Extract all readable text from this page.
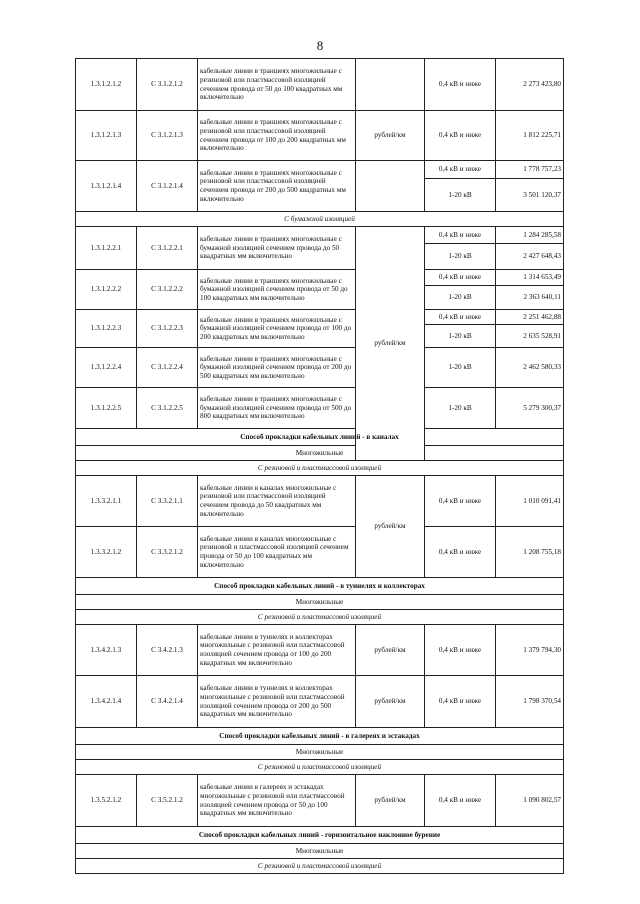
8
1.3.1.2.1.2	С 3.1.2.1.2	кабельные линии в траншеях многожильные с резиновой или пластмассовой изоляцией сечением провода от 50 до 100 квадратных мм включительно		0,4 кВ и ниже	2 273 423,80
1.3.1.2.1.3	С 3.1.2.1.3	кабельные линии в траншеях многожильные с резиновой или пластмассовой изоляцией сечением провода от 100 до 200 квадратных мм включительно	рублей/км	0,4 кВ и ниже	1 812 225,71
1.3.1.2.1.4	С 3.1.2.1.4	кабельные линии в траншеях многожильные с резиновой или пластмассовой изоляцией сечением провода от 200 до 500 квадратных мм включительно		0,4 кВ и ниже	1 778 757,23
				1-20 кВ	3 501 120,37
С бумажной изоляцией					
1.3.1.2.2.1	С 3.1.2.2.1	кабельные линии в траншеях многожильные с бумажной изоляцией сечением провода до 50 квадратных мм включительно	рублей/км	0,4 кВ и ниже	1 284 285,58
				1-20 кВ	2 427 648,43
1.3.1.2.2.2	С 3.1.2.2.2	кабельные линии в траншеях многожильные с бумажной изоляцией сечением провода от 50 до 100 квадратных мм включительно		0,4 кВ и ниже	1 314 653,49
				1-20 кВ	2 363 640,11
1.3.1.2.2.3	С 3.1.2.2.3	кабельные линии в траншеях многожильные с бумажной изоляцией сечением провода от 100 до 200 квадратных мм включительно		0,4 кВ и ниже	2 251 462,88
				1-20 кВ	2 635 528,91
1.3.1.2.2.4	С 3.1.2.2.4	кабельные линии в траншеях многожильные с бумажной изоляцией сечением провода от 200 до 500 квадратных мм включительно		1-20 кВ	2 462 580,33
1.3.1.2.2.5	С 3.1.2.2.5	кабельные линии в траншеях многожильные с бумажной изоляцией сечением провода от 500 до 800 квадратных мм включительно		1-20 кВ	5 279 300,37
Способ прокладки кабельных линий - в каналах					
Многожильные					
С резиновой и пластмассовой изоляцией					
1.3.3.2.1.1	С 3.3.2.1.1	кабельные линии в каналах многожильные с резиновой или пластмассовой изоляцией сечением провода до 50 квадратных мм включительно	рублей/км	0,4 кВ и ниже	1 010 091,41
1.3.3.2.1.2	С 3.3.2.1.2	кабельные линии в каналах многожильные с резиновой и пластмассовой изоляцией сечением провода от 50 до 100 квадратных мм включительно		0,4 кВ и ниже	1 208 755,18
Способ прокладки кабельных линий - в туннелях и коллекторах					
Многожильные					
С резиновой и пластмассовой изоляцией					
1.3.4.2.1.3	С 3.4.2.1.3	кабельные линии в туннелях и коллекторах многожильные с резиновой или пластмассовой изоляцией сечением провода от 100 до 200 квадратных мм включительно	рублей/км	0,4 кВ и ниже	1 379 794,30
1.3.4.2.1.4	С 3.4.2.1.4	кабельные линии в туннелях и коллекторах многожильные с резиновой или пластмассовой изоляцией сечением провода от 200 до 500 квадратных мм включительно	рублей/км	0,4 кВ и ниже	1 798 370,54
Способ прокладки кабельных линий - в галереях и эстакадах					
Многожильные					
С резиновой и пластмассовой изоляцией					
1.3.5.2.1.2	С 3.5.2.1.2	кабельные линии в галереях и эстакадах многожильные с резиновой или пластмассовой изоляцией сечением провода от 50 до 100 квадратных мм включительно	рублей/км	0,4 кВ и ниже	1 090 802,57
Способ прокладки кабельных линий - горизонтальное наклонное бурение					
Многожильные					
С резиновой и пластмассовой изоляцией					
